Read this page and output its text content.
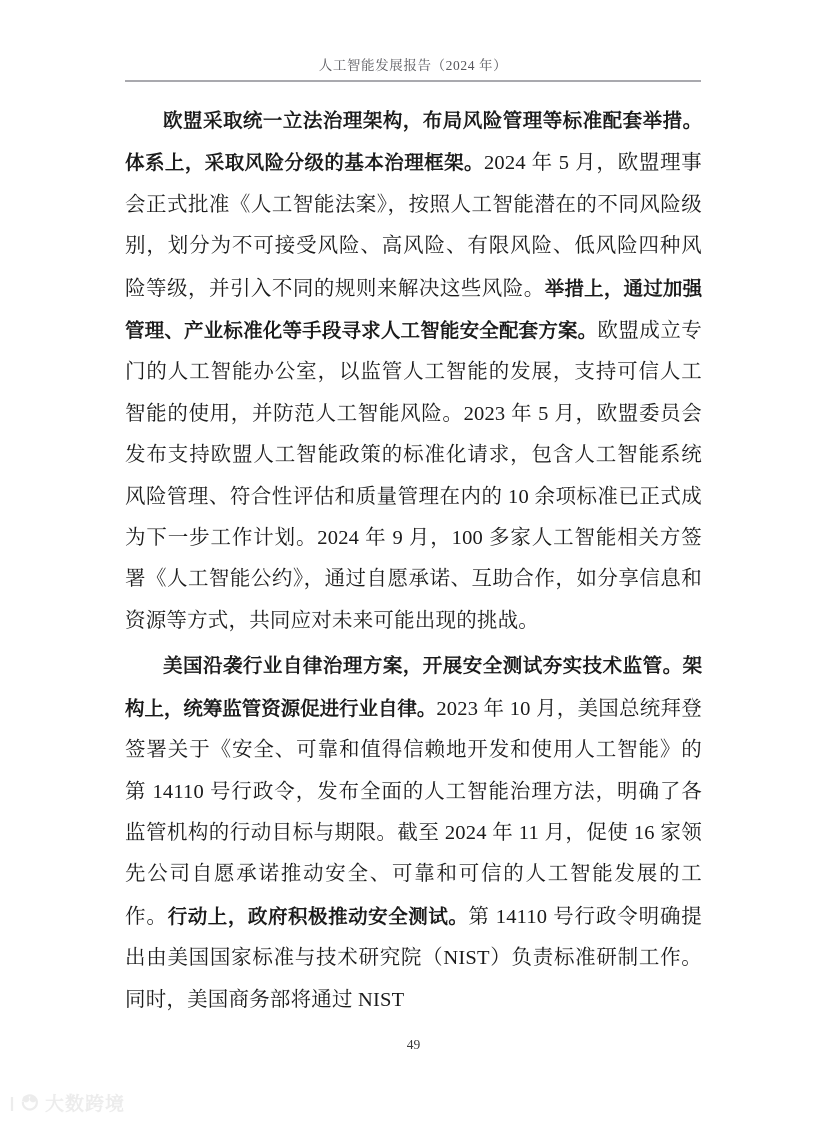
人工智能发展报告（2024 年）

欧盟采取统一立法治理架构，布局风险管理等标准配套举措。体系上，采取风险分级的基本治理框架。2024 年 5 月，欧盟理事会正式批准《人工智能法案》，按照人工智能潜在的不同风险级别，划分为不可接受风险、高风险、有限风险、低风险四种风险等级，并引入不同的规则来解决这些风险。举措上，通过加强管理、产业标准化等手段寻求人工智能安全配套方案。欧盟成立专门的人工智能办公室，以监管人工智能的发展，支持可信人工智能的使用，并防范人工智能风险。2023 年 5 月，欧盟委员会发布支持欧盟人工智能政策的标准化请求，包含人工智能系统风险管理、符合性评估和质量管理在内的 10 余项标准已正式成为下一步工作计划。2024 年 9 月，100 多家人工智能相关方签署《人工智能公约》，通过自愿承诺、互助合作，如分享信息和资源等方式，共同应对未来可能出现的挑战。

美国沿袭行业自律治理方案，开展安全测试夯实技术监管。架构上，统筹监管资源促进行业自律。2023 年 10 月，美国总统拜登签署关于《安全、可靠和值得信赖地开发和使用人工智能》的第 14110 号行政令，发布全面的人工智能治理方法，明确了各监管机构的行动目标与期限。截至 2024 年 11 月，促使 16 家领先公司自愿承诺推动安全、可靠和可信的人工智能发展的工作。行动上，政府积极推动安全测试。第 14110 号行政令明确提出由美国国家标准与技术研究院（NIST）负责标准研制工作。同时，美国商务部将通过 NIST

49
大数跨境
